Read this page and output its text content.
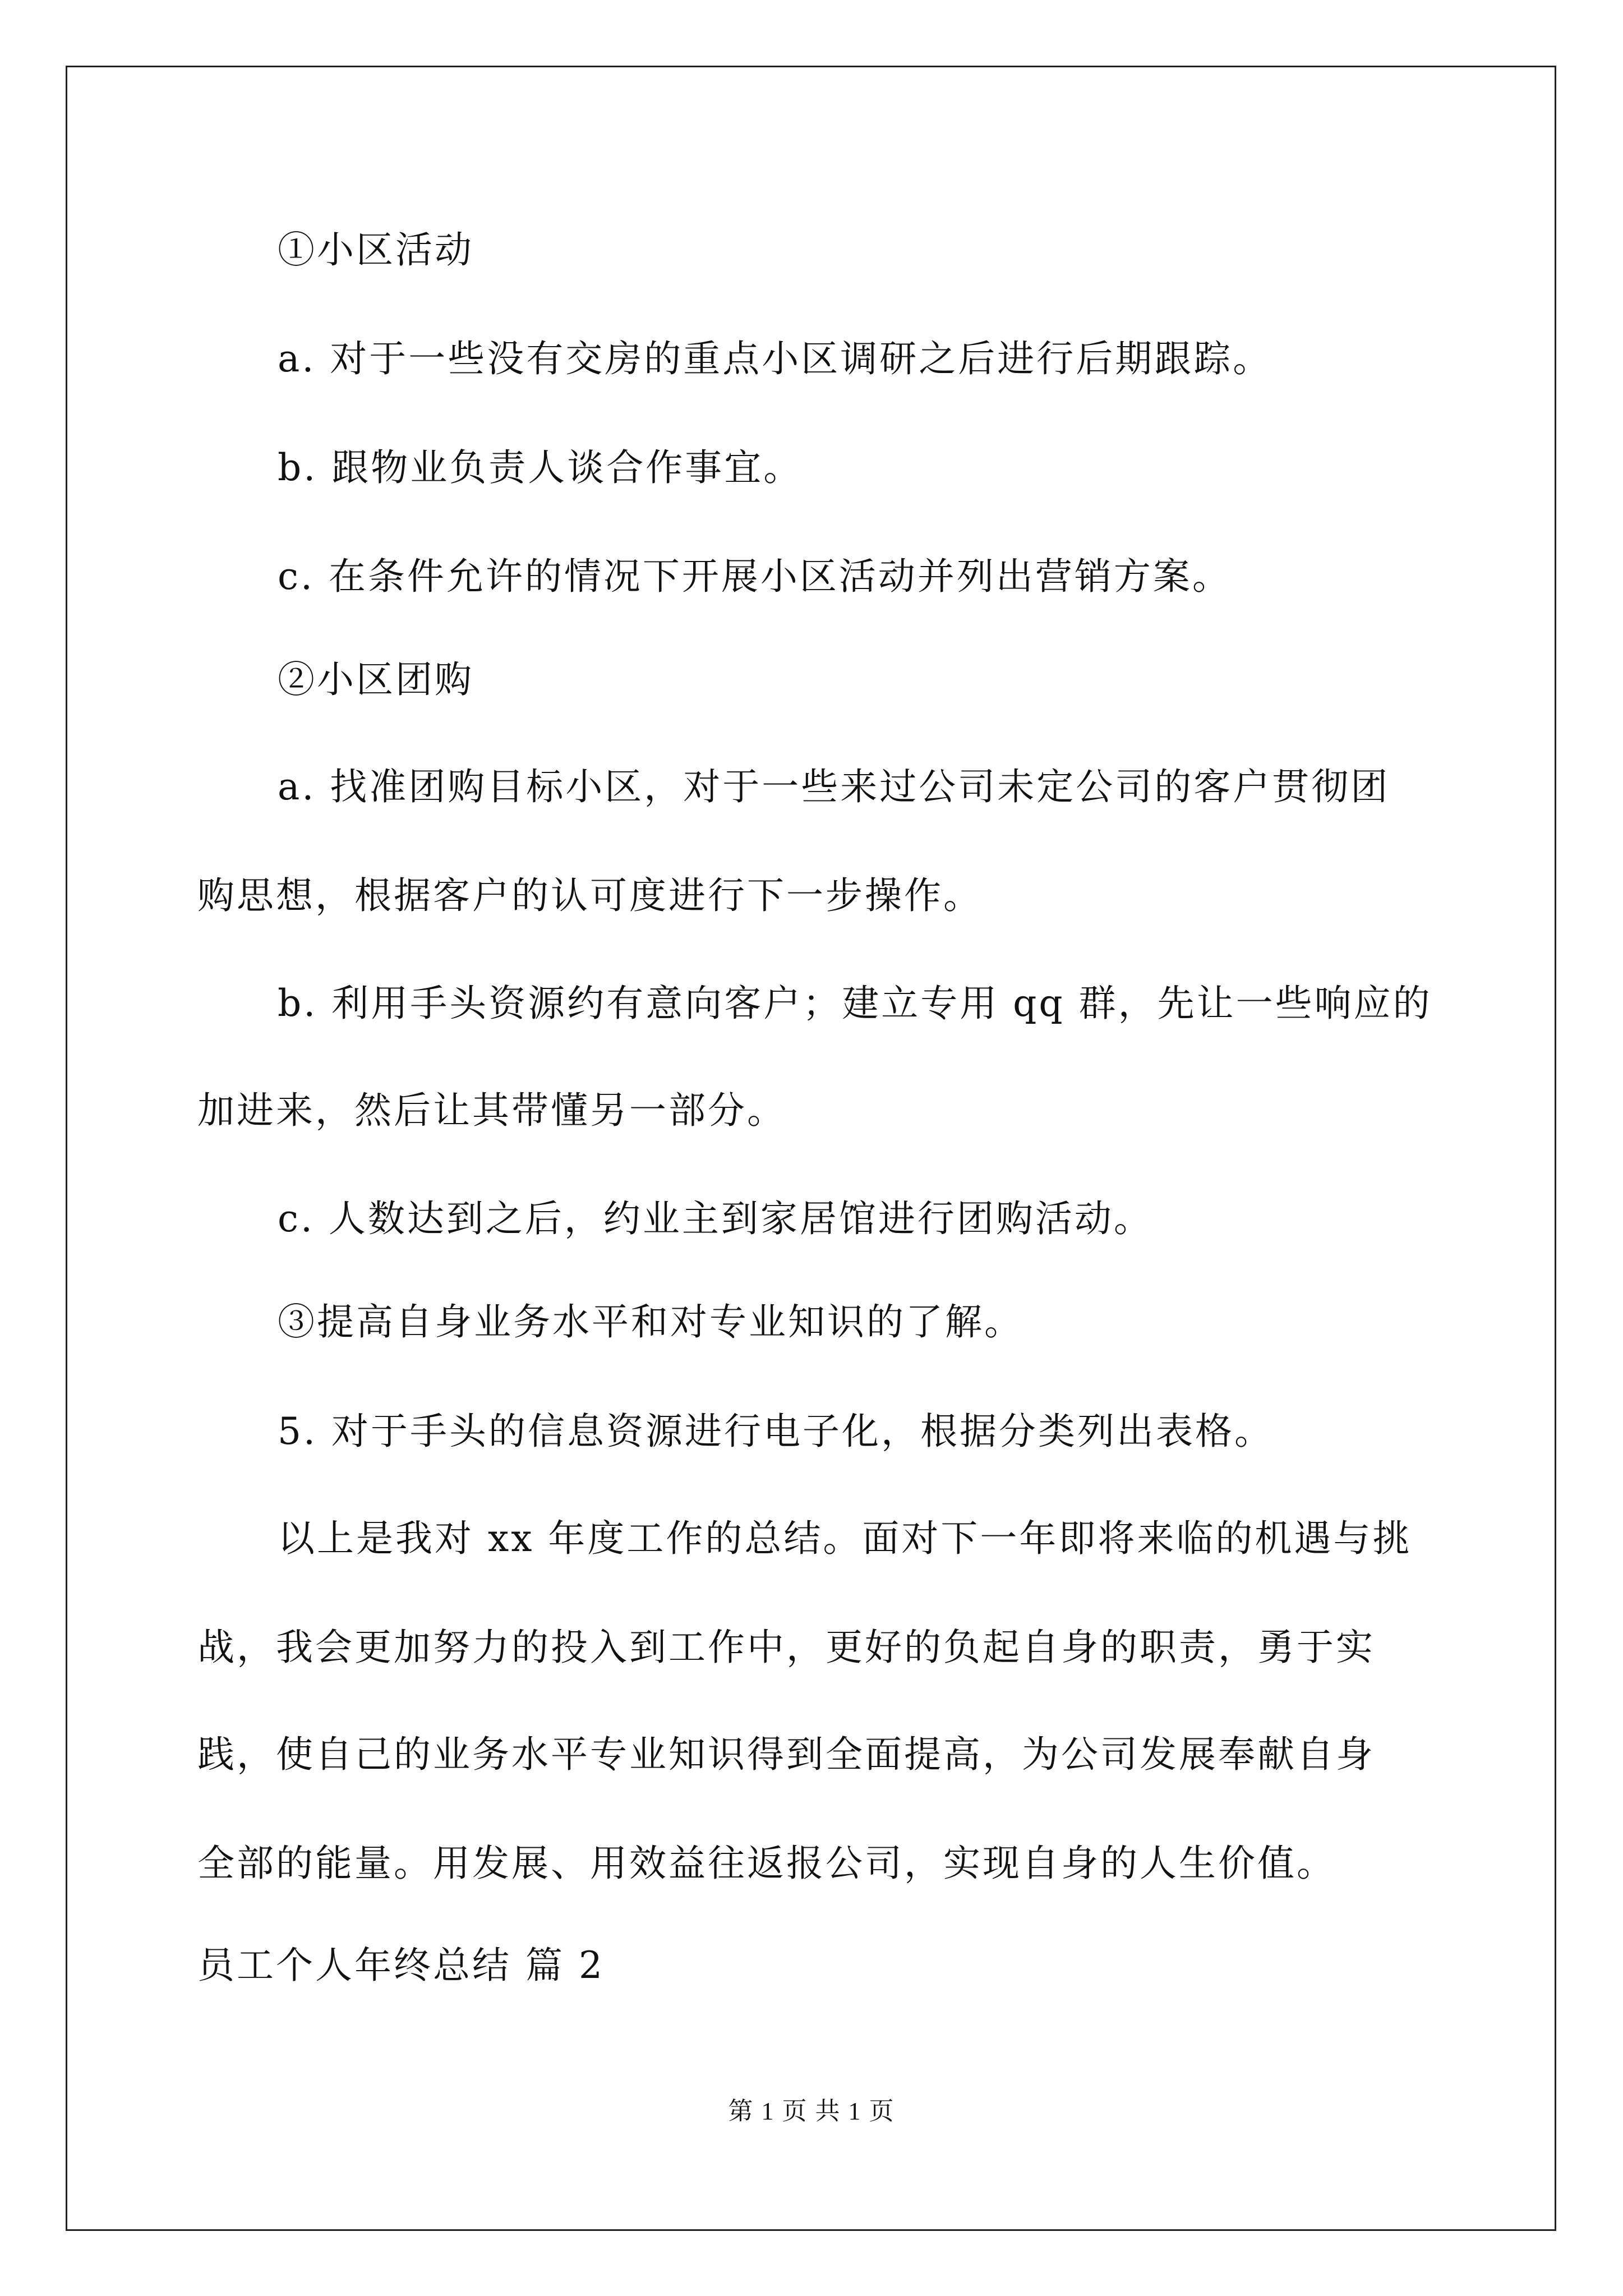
①小区活动
a. 对于一些没有交房的重点小区调研之后进行后期跟踪。
b. 跟物业负责人谈合作事宜。
c. 在条件允许的情况下开展小区活动并列出营销方案。
②小区团购
a. 找准团购目标小区，对于一些来过公司未定公司的客户贯彻团
购思想，根据客户的认可度进行下一步操作。
b. 利用手头资源约有意向客户；建立专用 qq 群，先让一些响应的
加进来，然后让其带懂另一部分。
c. 人数达到之后，约业主到家居馆进行团购活动。
③提高自身业务水平和对专业知识的了解。
5. 对于手头的信息资源进行电子化，根据分类列出表格。
以上是我对 xx 年度工作的总结。面对下一年即将来临的机遇与挑
战，我会更加努力的投入到工作中，更好的负起自身的职责，勇于实
践，使自己的业务水平专业知识得到全面提高，为公司发展奉献自身
全部的能量。用发展、用效益往返报公司，实现自身的人生价值。
员工个人年终总结 篇 2
第 1 页 共 1 页
